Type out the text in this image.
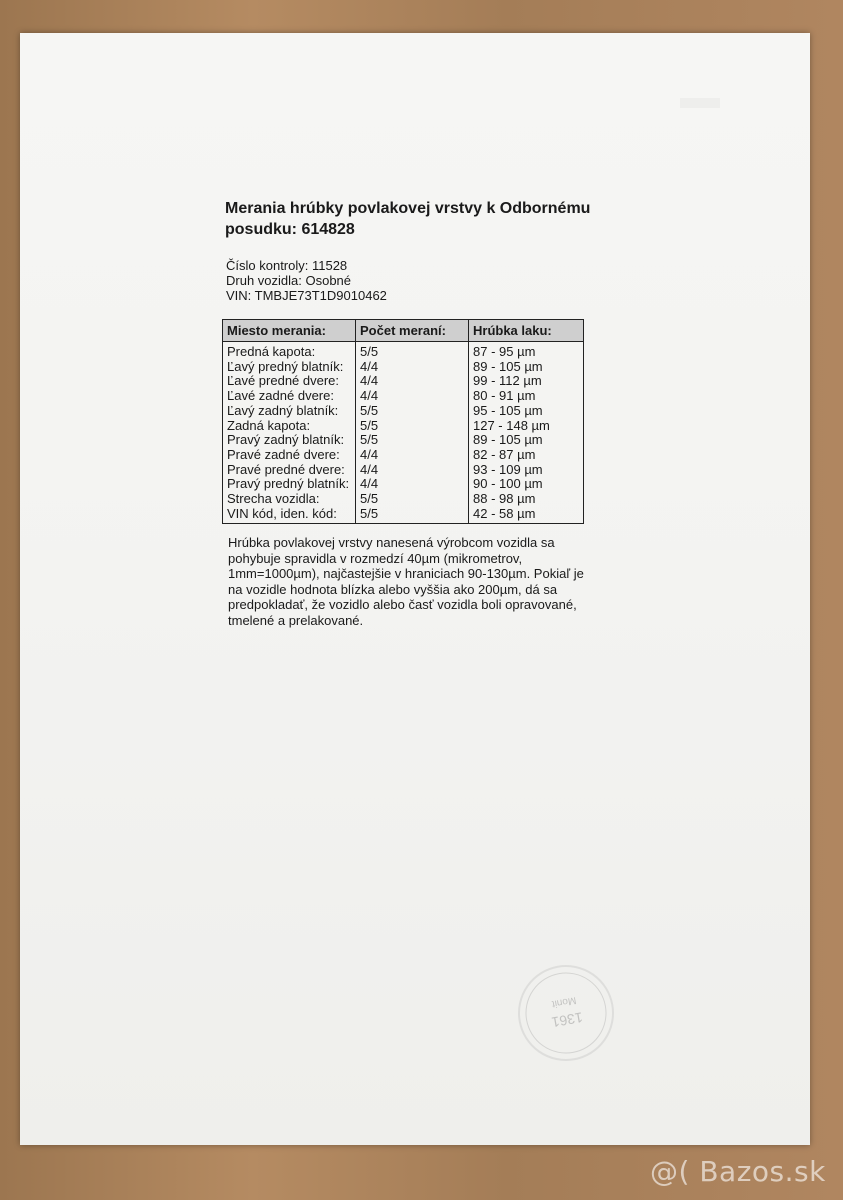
Merania hrúbky povlakovej vrstvy k Odbornému posudku: 614828
Číslo kontroly: 11528
Druh vozidla: Osobné
VIN: TMBJE73T1D9010462
Miesto merania:	Počet meraní:	Hrúbka laku:
Predná kapota:	5/5	87 - 95 µm
Ľavý predný blatník:	4/4	89 - 105 µm
Ľavé predné dvere:	4/4	99 - 112 µm
Ľavé zadné dvere:	4/4	80 - 91 µm
Ľavý zadný blatník:	5/5	95 - 105 µm
Zadná kapota:	5/5	127 - 148 µm
Pravý zadný blatník:	5/5	89 - 105 µm
Pravé zadné dvere:	4/4	82 - 87 µm
Pravé predné dvere:	4/4	93 - 109 µm
Pravý predný blatník:	4/4	90 - 100 µm
Strecha vozidla:	5/5	88 - 98 µm
VIN kód, iden. kód:	5/5	42 - 58 µm
Hrúbka povlakovej vrstvy nanesená výrobcom vozidla sa pohybuje spravidla v rozmedzí 40µm (mikrometrov, 1mm=1000µm), najčastejšie v hraniciach 90-130µm. Pokiaľ je na vozidle hodnota blízka alebo vyššia ako 200µm, dá sa predpokladať, že vozidlo alebo časť vozidla boli opravované, tmelené a prelakované.
1361
Monit
@( Bazos.sk
